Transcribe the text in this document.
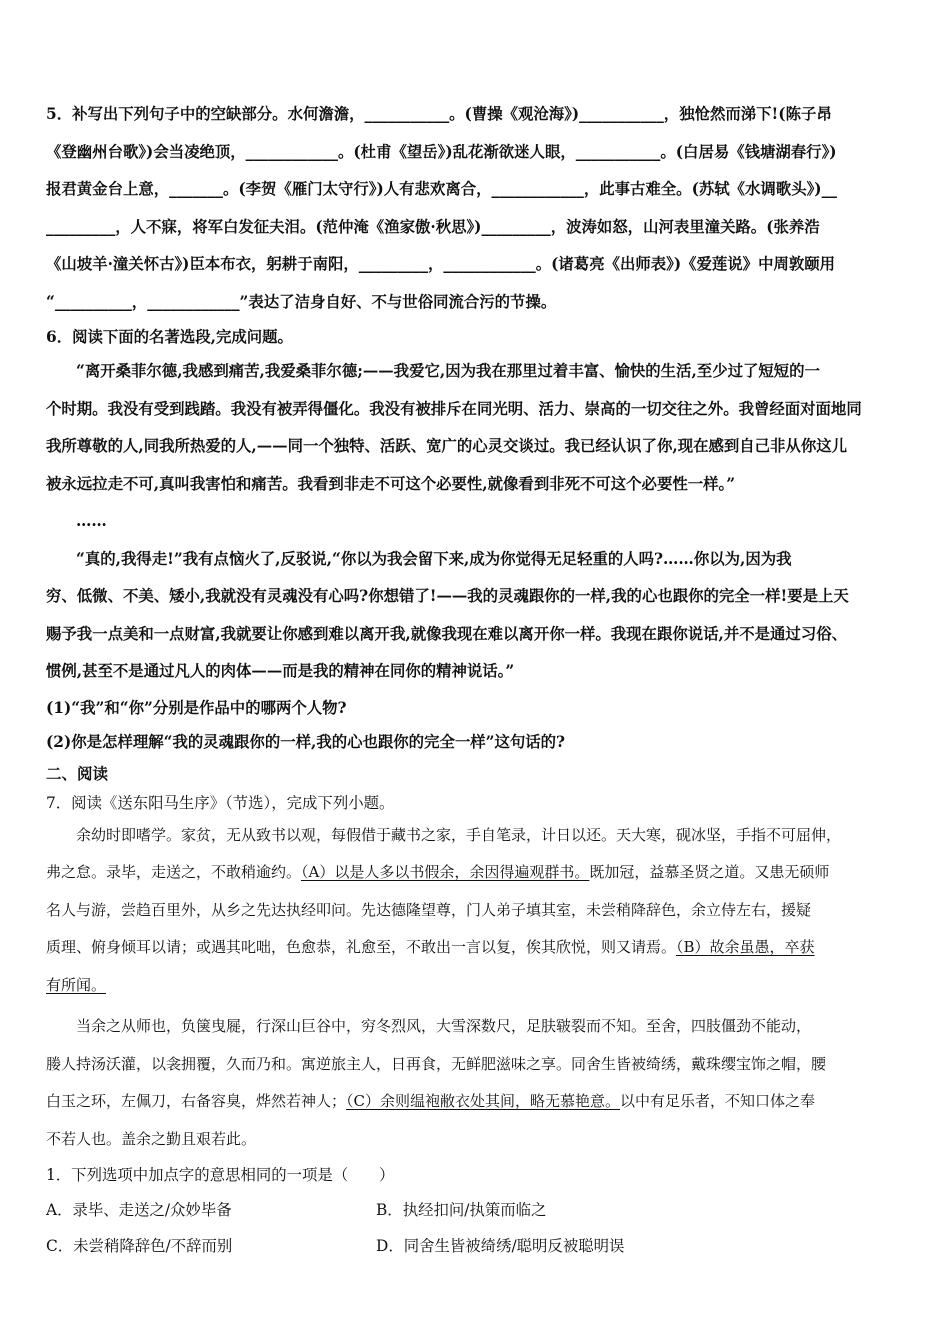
5．补写出下列句子中的空缺部分。水何澹澹，___________。(曹操《观沧海》)___________，独怆然而涕下!(陈子昂
《登幽州台歌》)会当凌绝顶，____________。(杜甫《望岳》)乱花渐欲迷人眼，___________。(白居易《钱塘湖春行》)
报君黄金台上意，_______。(李贺《雁门太守行》)人有悲欢离合，____________，此事古难全。(苏轼《水调歌头》)__
_________，人不寐，将军白发征夫泪。(范仲淹《渔家傲·秋思》)_________，波涛如怒，山河表里潼关路。(张养浩
《山坡羊·潼关怀古》)臣本布衣，躬耕于南阳，_________，____________。(诸葛亮《出师表》)《爱莲说》中周敦颐用
“__________，____________”表达了洁身自好、不与世俗同流合污的节操。
6．阅读下面的名著选段,完成问题。
“离开桑菲尔德,我感到痛苦,我爱桑菲尔德;——我爱它,因为我在那里过着丰富、愉快的生活,至少过了短短的一
个时期。我没有受到践踏。我没有被弄得僵化。我没有被排斥在同光明、活力、崇高的一切交往之外。我曾经面对面地同
我所尊敬的人,同我所热爱的人,——同一个独特、活跃、宽广的心灵交谈过。我已经认识了你,现在感到自己非从你这儿
被永远拉走不可,真叫我害怕和痛苦。我看到非走不可这个必要性,就像看到非死不可这个必要性一样。”
……
“真的,我得走!”我有点恼火了,反驳说,“你以为我会留下来,成为你觉得无足轻重的人吗?……你以为,因为我
穷、低微、不美、矮小,我就没有灵魂没有心吗?你想错了!——我的灵魂跟你的一样,我的心也跟你的完全一样!要是上天
赐予我一点美和一点财富,我就要让你感到难以离开我,就像我现在难以离开你一样。我现在跟你说话,并不是通过习俗、
惯例,甚至不是通过凡人的肉体——而是我的精神在同你的精神说话。”
(1)“我”和“你”分别是作品中的哪两个人物?
(2)你是怎样理解“我的灵魂跟你的一样,我的心也跟你的完全一样”这句话的?
二、阅读
7．阅读《送东阳马生序》（节选），完成下列小题。
余幼时即嗜学。家贫，无从致书以观，每假借于藏书之家，手自笔录，计日以还。天大寒，砚冰坚，手指不可屈伸，
弗之怠。录毕，走送之，不敢稍逾约。（A）以是人多以书假余，余因得遍观群书。既加冠，益慕圣贤之道。又患无硕师
名人与游，尝趋百里外，从乡之先达执经叩问。先达德隆望尊，门人弟子填其室，未尝稍降辞色，余立侍左右，援疑
质理、俯身倾耳以请；或遇其叱咄，色愈恭，礼愈至，不敢出一言以复，俟其欣悦，则又请焉。（B）故余虽愚，卒获
有所闻。
当余之从师也，负箧曳屣，行深山巨谷中，穷冬烈风，大雪深数尺，足肤皲裂而不知。至舍，四肢僵劲不能动，
媵人持汤沃灌，以衾拥覆，久而乃和。寓逆旅主人，日再食，无鲜肥滋味之享。同舍生皆被绮绣，戴珠缨宝饰之帽，腰
白玉之环，左佩刀，右备容臭，烨然若神人；（C）余则缊袍敝衣处其间，略无慕艳意。以中有足乐者，不知口体之奉
不若人也。盖余之勤且艰若此。
1．下列选项中加点字的意思相同的一项是（　　）
A．录毕、走送之/众妙毕备	B．执经扣问/执策而临之
C．未尝稍降辞色/不辞而别	D．同舍生皆被绮绣/聪明反被聪明误
